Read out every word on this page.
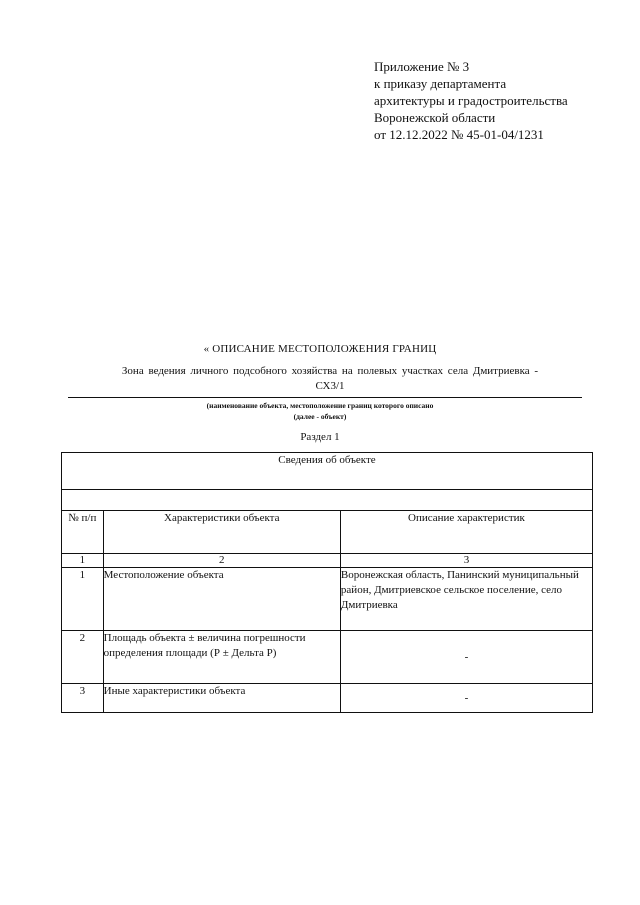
Приложение № 3
к приказу департамента
архитектуры и градостроительства
Воронежской области
от 12.12.2022 № 45-01-04/1231
« ОПИСАНИЕ МЕСТОПОЛОЖЕНИЯ ГРАНИЦ
Зона ведения личного подсобного хозяйства на полевых участках села Дмитриевка -
СХ3/1
(наименование объекта, местоположение границ которого описано
(далее - объект)
Раздел 1
Сведения об объекте		

№ п/п	Характеристики объекта	Описание характеристик
1	2	3
1	Местоположение объекта	Воронежская область, Панинский муниципальный район, Дмитриевское сельское поселение, село Дмитриевка
2	Площадь объекта ± величина погрешности определения площади (Р ± Дельта Р)	-
3	Иные характеристики объекта	-
